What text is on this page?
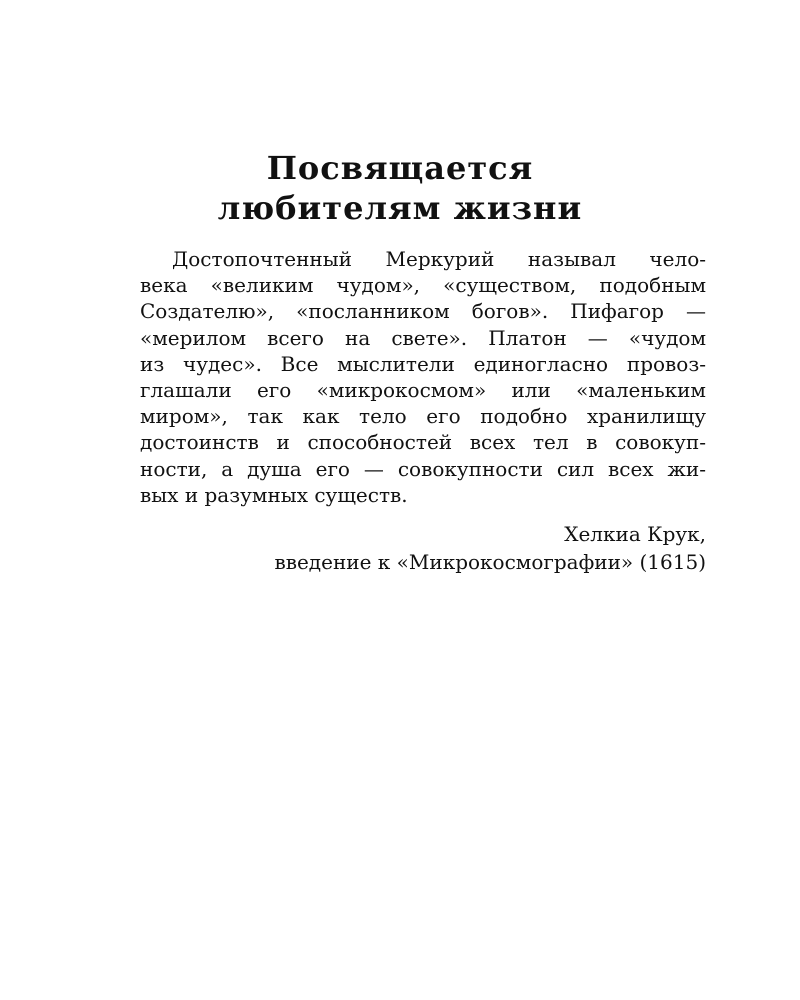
Посвящается
любителям жизни
Достопочтенный Меркурий называл чело-
века «великим чудом», «существом, подобным
Создателю», «посланником богов». Пифагор —
«мерилом всего на свете». Платон — «чудом
из чудес». Все мыслители единогласно провоз-
глашали его «микрокосмом» или «маленьким
миром», так как тело его подобно хранилищу
достоинств и способностей всех тел в совокуп-
ности, а душа его — совокупности сил всех жи-
вых и разумных существ.
Хелкиа Крук,
введение к «Микрокосмографии» (1615)
